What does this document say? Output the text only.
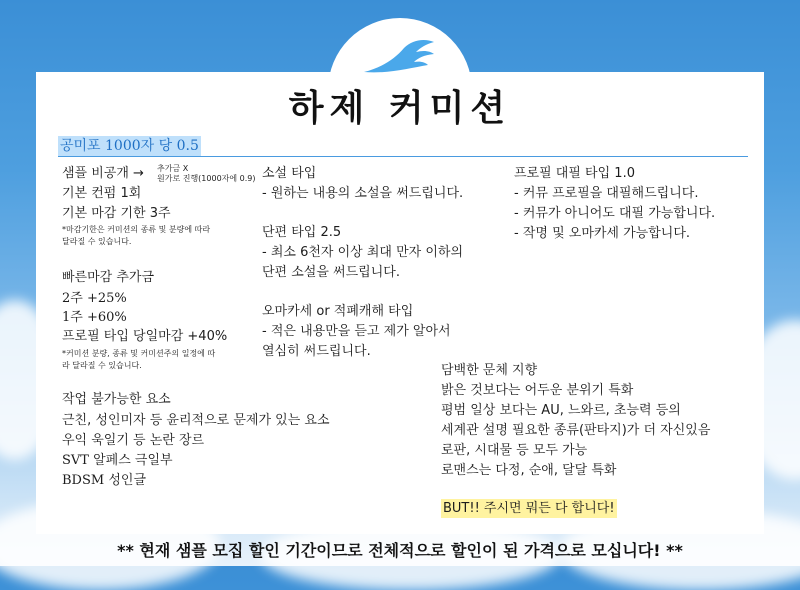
하제 커미션
공미포 1000자 당 0.5
샘플 비공개 → 추가금 X
원가로 진행(1000자에 0.9)
기본 컨펌 1회
기본 마감 기한 3주
*마감기한은 커미션의 종류 및 분량에 따라
달라질 수 있습니다.
빠른마감 추가금
2주 +25%
1주 +60%
프로필 타입 당일마감 +40%
*커미션 분량, 종류 및 커미션주의 일정에 따
라 달라질 수 있습니다.
작업 불가능한 요소
근친, 성인미자 등 윤리적으로 문제가 있는 요소
우익 욱일기 등 논란 장르
SVT 알페스 극일부
BDSM 성인글
소설 타입
- 원하는 내용의 소설을 써드립니다.
단편 타입 2.5
- 최소 6천자 이상 최대 만자 이하의
단편 소설을 써드립니다.
오마카세 or 적폐캐해 타입
- 적은 내용만을 듣고 제가 알아서
열심히 써드립니다.
프로필 대필 타입 1.0
- 커뮤 프로필을 대필해드립니다.
- 커뮤가 아니어도 대필 가능합니다.
- 작명 및 오마카세 가능합니다.
담백한 문체 지향
밝은 것보다는 어두운 분위기 특화
평범 일상 보다는 AU, 느와르, 초능력 등의
세계관 설명 필요한 종류(판타지)가 더 자신있음
로판, 시대물 등 모두 가능
로맨스는 다정, 순애, 달달 특화
BUT!! 주시면 뭐든 다 합니다!
** 현재 샘플 모집 할인 기간이므로 전체적으로 할인이 된 가격으로 모십니다! **
